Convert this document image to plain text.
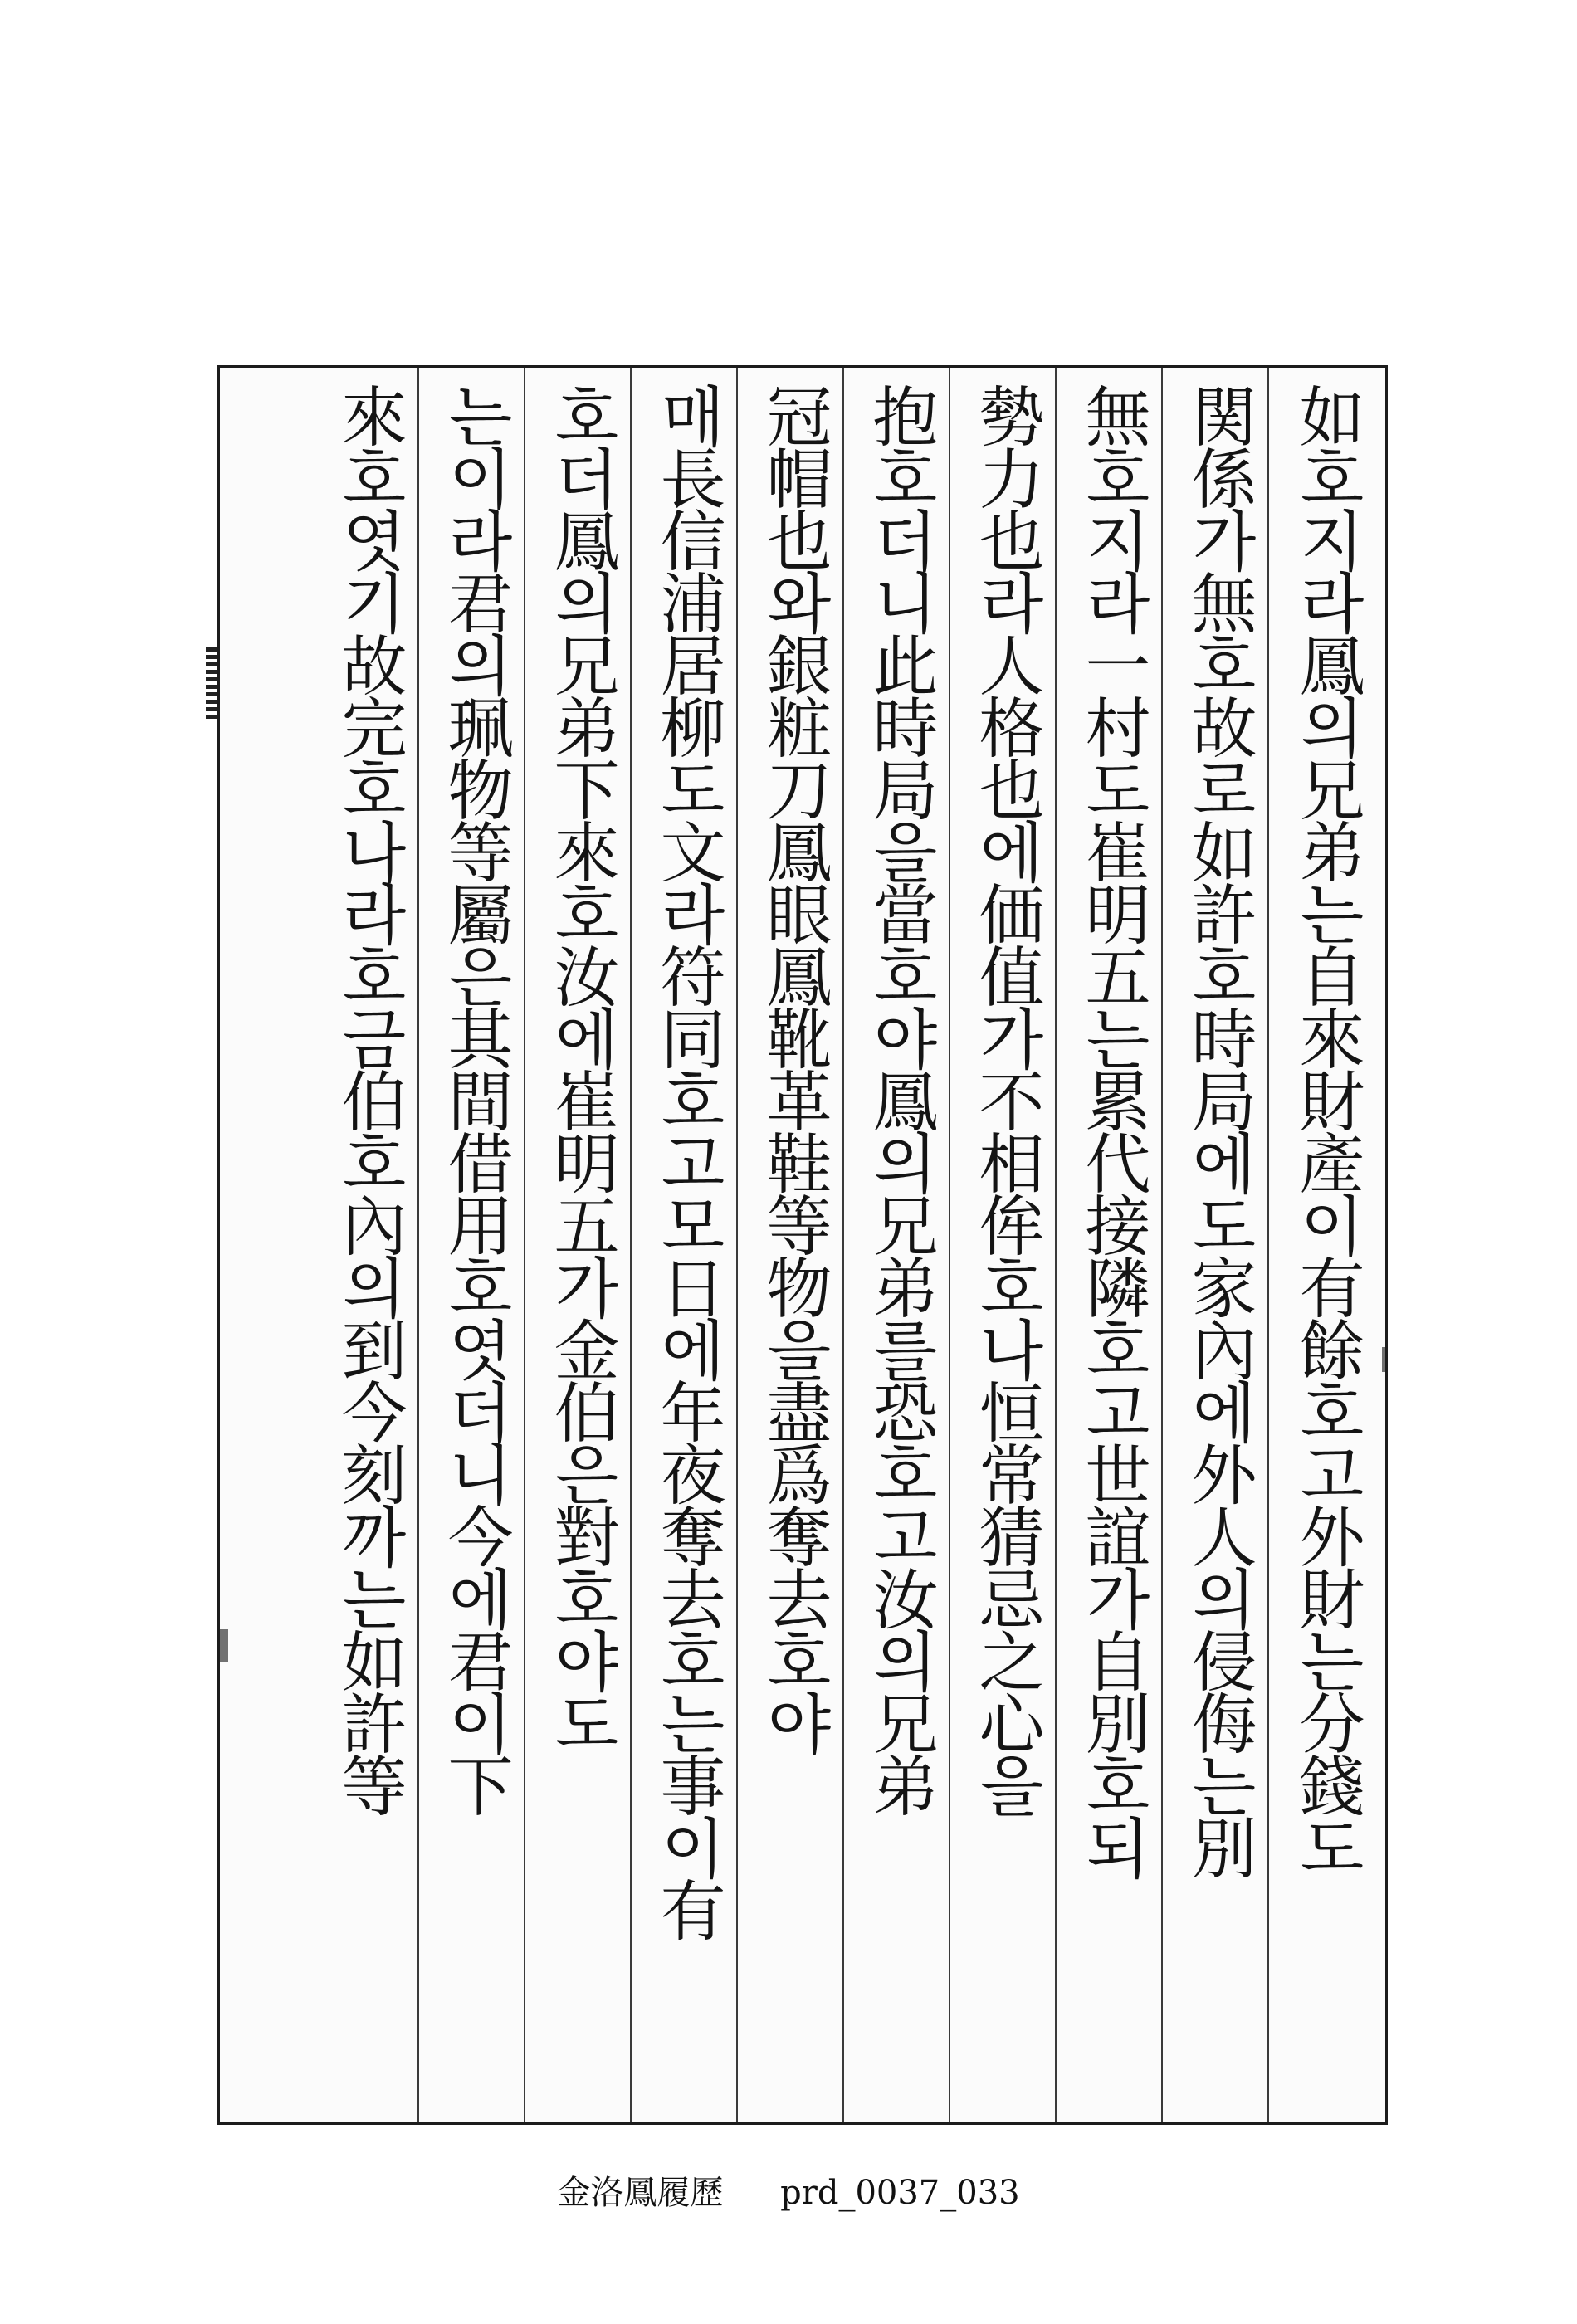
如호지라鳳의兄弟는自來財產이有餘호고外財는分錢도
関係가無호故로如許호時局에도家內에外人의侵侮는別
無호지라一村도崔明五는累代接隣호고世誼가自別호되
勢力也라人格也에価值가不相侔호나恒常猜忌之心을
抱호더니此時局을當호야鳳의兄弟를恐호고汝의兄弟
冠帽也와銀粧刀鳳眼鳳靴革鞋等物을盡爲奪去호야
매長信浦居柳도文라符同호고모日에年夜奪去호는事이有
호더鳳의兄弟下來호汝에崔明五가金伯은對호야도
는이라君의珮物等屬은其間借用호엿더니今에君이下
來호엿기故完호나라호금伯호內의到今刻까는如許等
金洛鳳履歷 prd_0037_033
